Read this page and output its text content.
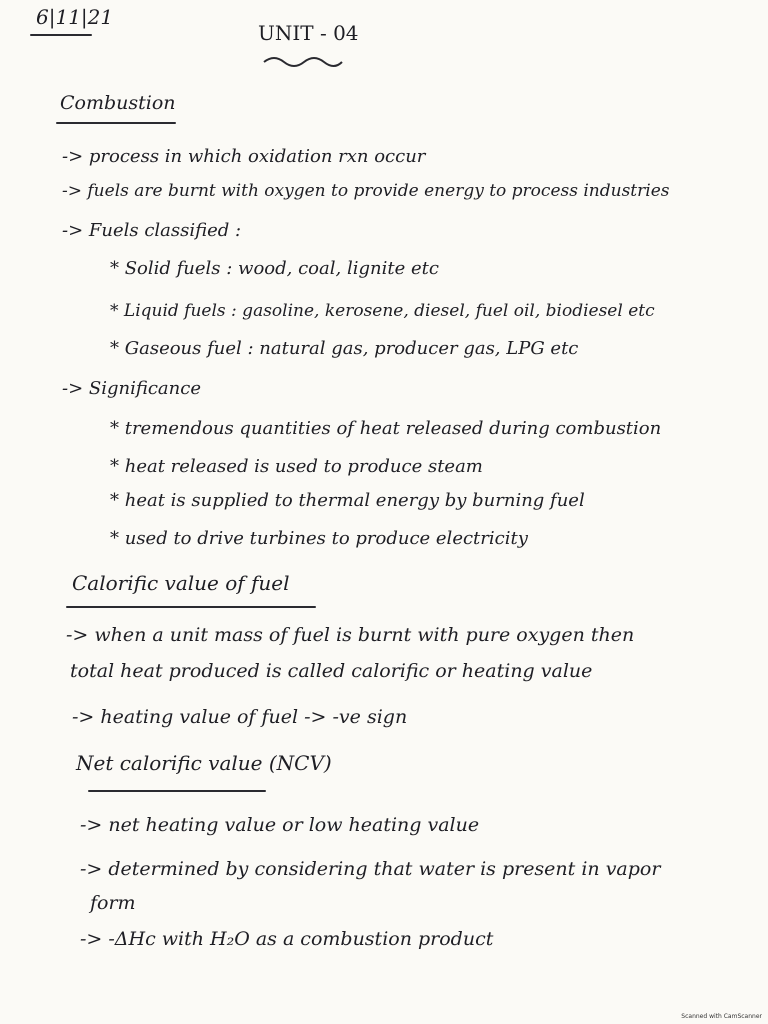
6|11|21
UNIT - 04
Combustion
-> process in which oxidation rxn occur
-> fuels are burnt with oxygen to provide energy to process industries
-> Fuels classified :
* Solid fuels : wood, coal, lignite etc
* Liquid fuels : gasoline, kerosene, diesel, fuel oil, biodiesel etc
* Gaseous fuel : natural gas, producer gas, LPG etc
-> Significance
* tremendous quantities of heat released during combustion
* heat released is used to produce steam
* heat is supplied to thermal energy by burning fuel
* used to drive turbines to produce electricity
Calorific value of fuel
-> when a unit mass of fuel is burnt with pure oxygen then
total heat produced is called calorific or heating value
-> heating value of fuel -> -ve sign
Net calorific value (NCV)
-> net heating value or low heating value
-> determined by considering that water is present in vapor
form
-> -ΔHc with H₂O as a combustion product
Scanned with CamScanner
